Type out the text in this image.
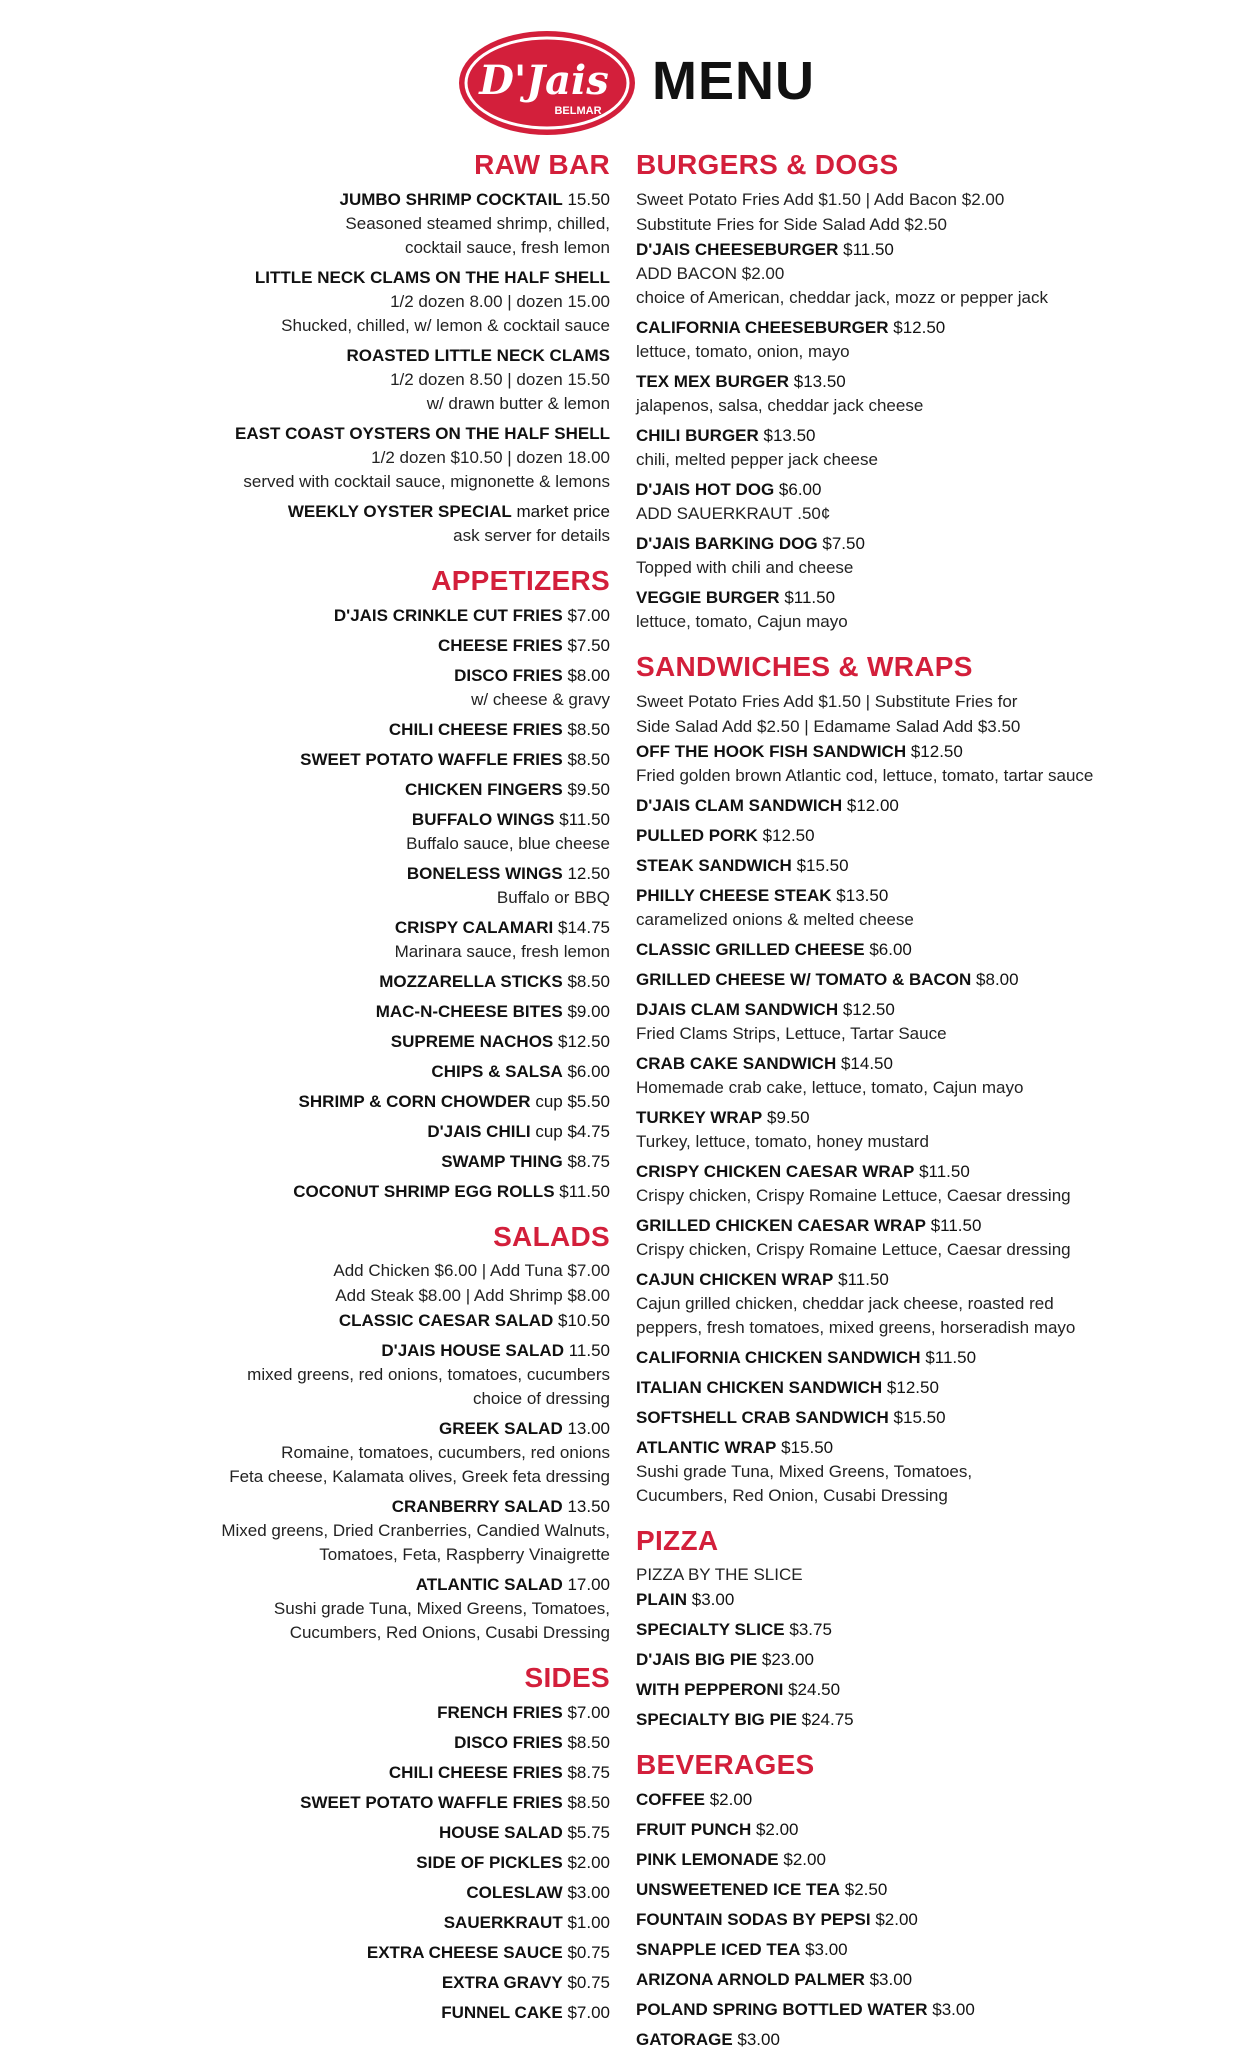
D'Jais
BELMAR MENU
RAW BAR
JUMBO SHRIMP COCKTAIL 15.50
Seasoned steamed shrimp, chilled,
cocktail sauce, fresh lemon
LITTLE NECK CLAMS ON THE HALF SHELL
1/2 dozen 8.00 | dozen 15.00
Shucked, chilled, w/ lemon & cocktail sauce
ROASTED LITTLE NECK CLAMS
1/2 dozen 8.50 | dozen 15.50
w/ drawn butter & lemon
EAST COAST OYSTERS ON THE HALF SHELL
1/2 dozen $10.50 | dozen 18.00
served with cocktail sauce, mignonette & lemons
WEEKLY OYSTER SPECIAL market price
ask server for details
APPETIZERS
D'JAIS CRINKLE CUT FRIES $7.00
CHEESE FRIES $7.50
DISCO FRIES $8.00
w/ cheese & gravy
CHILI CHEESE FRIES $8.50
SWEET POTATO WAFFLE FRIES $8.50
CHICKEN FINGERS $9.50
BUFFALO WINGS $11.50
Buffalo sauce, blue cheese
BONELESS WINGS 12.50
Buffalo or BBQ
CRISPY CALAMARI $14.75
Marinara sauce, fresh lemon
MOZZARELLA STICKS $8.50
MAC-N-CHEESE BITES $9.00
SUPREME NACHOS $12.50
CHIPS & SALSA $6.00
SHRIMP & CORN CHOWDER cup $5.50
D'JAIS CHILI cup $4.75
SWAMP THING $8.75
COCONUT SHRIMP EGG ROLLS $11.50
SALADS
Add Chicken $6.00 | Add Tuna $7.00
Add Steak $8.00 | Add Shrimp $8.00
CLASSIC CAESAR SALAD $10.50
D'JAIS HOUSE SALAD 11.50
mixed greens, red onions, tomatoes, cucumbers
choice of dressing
GREEK SALAD 13.00
Romaine, tomatoes, cucumbers, red onions
Feta cheese, Kalamata olives, Greek feta dressing
CRANBERRY SALAD 13.50
Mixed greens, Dried Cranberries, Candied Walnuts,
Tomatoes, Feta, Raspberry Vinaigrette
ATLANTIC SALAD 17.00
Sushi grade Tuna, Mixed Greens, Tomatoes,
Cucumbers, Red Onions, Cusabi Dressing
SIDES
FRENCH FRIES $7.00
DISCO FRIES $8.50
CHILI CHEESE FRIES $8.75
SWEET POTATO WAFFLE FRIES $8.50
HOUSE SALAD $5.75
SIDE OF PICKLES $2.00
COLESLAW $3.00
SAUERKRAUT $1.00
EXTRA CHEESE SAUCE $0.75
EXTRA GRAVY $0.75
FUNNEL CAKE $7.00
BURGERS & DOGS
Sweet Potato Fries Add $1.50 | Add Bacon $2.00
Substitute Fries for Side Salad Add $2.50
D'JAIS CHEESEBURGER $11.50
ADD BACON $2.00
choice of American, cheddar jack, mozz or pepper jack
CALIFORNIA CHEESEBURGER $12.50
lettuce, tomato, onion, mayo
TEX MEX BURGER $13.50
jalapenos, salsa, cheddar jack cheese
CHILI BURGER $13.50
chili, melted pepper jack cheese
D'JAIS HOT DOG $6.00
ADD SAUERKRAUT .50¢
D'JAIS BARKING DOG $7.50
Topped with chili and cheese
VEGGIE BURGER $11.50
lettuce, tomato, Cajun mayo
SANDWICHES & WRAPS
Sweet Potato Fries Add $1.50 | Substitute Fries for
Side Salad Add $2.50 | Edamame Salad Add $3.50
OFF THE HOOK FISH SANDWICH $12.50
Fried golden brown Atlantic cod, lettuce, tomato, tartar sauce
D'JAIS CLAM SANDWICH $12.00
PULLED PORK $12.50
STEAK SANDWICH $15.50
PHILLY CHEESE STEAK $13.50
caramelized onions & melted cheese
CLASSIC GRILLED CHEESE $6.00
GRILLED CHEESE W/ TOMATO & BACON $8.00
DJAIS CLAM SANDWICH $12.50
Fried Clams Strips, Lettuce, Tartar Sauce
CRAB CAKE SANDWICH $14.50
Homemade crab cake, lettuce, tomato, Cajun mayo
TURKEY WRAP $9.50
Turkey, lettuce, tomato, honey mustard
CRISPY CHICKEN CAESAR WRAP $11.50
Crispy chicken, Crispy Romaine Lettuce, Caesar dressing
GRILLED CHICKEN CAESAR WRAP $11.50
Crispy chicken, Crispy Romaine Lettuce, Caesar dressing
CAJUN CHICKEN WRAP $11.50
Cajun grilled chicken, cheddar jack cheese, roasted red
peppers, fresh tomatoes, mixed greens, horseradish mayo
CALIFORNIA CHICKEN SANDWICH $11.50
ITALIAN CHICKEN SANDWICH $12.50
SOFTSHELL CRAB SANDWICH $15.50
ATLANTIC WRAP $15.50
Sushi grade Tuna, Mixed Greens, Tomatoes,
Cucumbers, Red Onion, Cusabi Dressing
PIZZA
PIZZA BY THE SLICE
PLAIN $3.00
SPECIALTY SLICE $3.75
D'JAIS BIG PIE $23.00
WITH PEPPERONI $24.50
SPECIALTY BIG PIE $24.75
BEVERAGES
COFFEE $2.00
FRUIT PUNCH $2.00
PINK LEMONADE $2.00
UNSWEETENED ICE TEA $2.50
FOUNTAIN SODAS BY PEPSI $2.00
SNAPPLE ICED TEA $3.00
ARIZONA ARNOLD PALMER $3.00
POLAND SPRING BOTTLED WATER $3.00
GATORAGE $3.00
